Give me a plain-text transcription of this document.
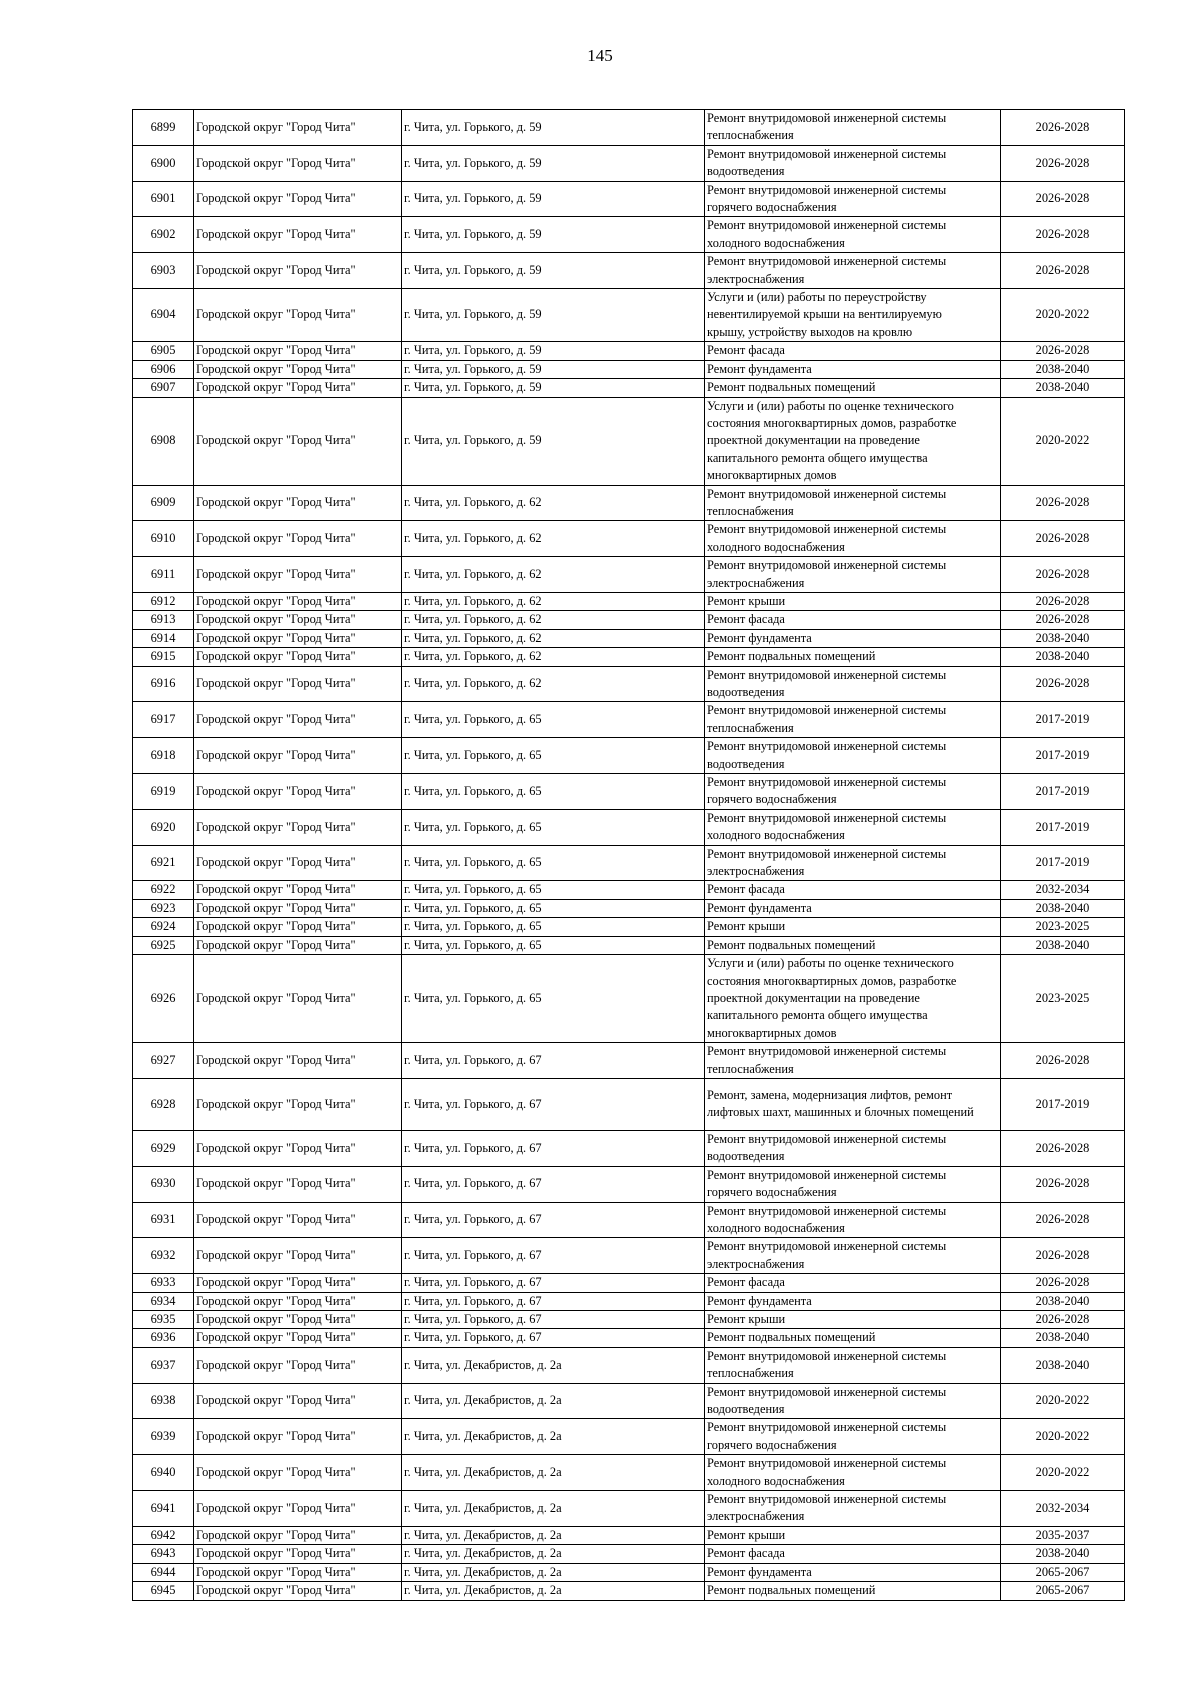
145
6899	Городской округ "Город Чита"	г. Чита, ул. Горького, д. 59	Ремонт внутридомовой инженерной системы
теплоснабжения	2026-2028
6900	Городской округ "Город Чита"	г. Чита, ул. Горького, д. 59	Ремонт внутридомовой инженерной системы
водоотведения	2026-2028
6901	Городской округ "Город Чита"	г. Чита, ул. Горького, д. 59	Ремонт внутридомовой инженерной системы
горячего водоснабжения	2026-2028
6902	Городской округ "Город Чита"	г. Чита, ул. Горького, д. 59	Ремонт внутридомовой инженерной системы
холодного водоснабжения	2026-2028
6903	Городской округ "Город Чита"	г. Чита, ул. Горького, д. 59	Ремонт внутридомовой инженерной системы
электроснабжения	2026-2028
6904	Городской округ "Город Чита"	г. Чита, ул. Горького, д. 59	Услуги и (или) работы по переустройству
невентилируемой крыши на вентилируемую
крышу, устройству выходов на кровлю	2020-2022
6905	Городской округ "Город Чита"	г. Чита, ул. Горького, д. 59	Ремонт фасада	2026-2028
6906	Городской округ "Город Чита"	г. Чита, ул. Горького, д. 59	Ремонт фундамента	2038-2040
6907	Городской округ "Город Чита"	г. Чита, ул. Горького, д. 59	Ремонт подвальных помещений	2038-2040
6908	Городской округ "Город Чита"	г. Чита, ул. Горького, д. 59	Услуги и (или) работы по оценке технического
состояния многоквартирных домов, разработке
проектной документации на проведение
капитального ремонта общего имущества
многоквартирных домов	2020-2022
6909	Городской округ "Город Чита"	г. Чита, ул. Горького, д. 62	Ремонт внутридомовой инженерной системы
теплоснабжения	2026-2028
6910	Городской округ "Город Чита"	г. Чита, ул. Горького, д. 62	Ремонт внутридомовой инженерной системы
холодного водоснабжения	2026-2028
6911	Городской округ "Город Чита"	г. Чита, ул. Горького, д. 62	Ремонт внутридомовой инженерной системы
электроснабжения	2026-2028
6912	Городской округ "Город Чита"	г. Чита, ул. Горького, д. 62	Ремонт крыши	2026-2028
6913	Городской округ "Город Чита"	г. Чита, ул. Горького, д. 62	Ремонт фасада	2026-2028
6914	Городской округ "Город Чита"	г. Чита, ул. Горького, д. 62	Ремонт фундамента	2038-2040
6915	Городской округ "Город Чита"	г. Чита, ул. Горького, д. 62	Ремонт подвальных помещений	2038-2040
6916	Городской округ "Город Чита"	г. Чита, ул. Горького, д. 62	Ремонт внутридомовой инженерной системы
водоотведения	2026-2028
6917	Городской округ "Город Чита"	г. Чита, ул. Горького, д. 65	Ремонт внутридомовой инженерной системы
теплоснабжения	2017-2019
6918	Городской округ "Город Чита"	г. Чита, ул. Горького, д. 65	Ремонт внутридомовой инженерной системы
водоотведения	2017-2019
6919	Городской округ "Город Чита"	г. Чита, ул. Горького, д. 65	Ремонт внутридомовой инженерной системы
горячего водоснабжения	2017-2019
6920	Городской округ "Город Чита"	г. Чита, ул. Горького, д. 65	Ремонт внутридомовой инженерной системы
холодного водоснабжения	2017-2019
6921	Городской округ "Город Чита"	г. Чита, ул. Горького, д. 65	Ремонт внутридомовой инженерной системы
электроснабжения	2017-2019
6922	Городской округ "Город Чита"	г. Чита, ул. Горького, д. 65	Ремонт фасада	2032-2034
6923	Городской округ "Город Чита"	г. Чита, ул. Горького, д. 65	Ремонт фундамента	2038-2040
6924	Городской округ "Город Чита"	г. Чита, ул. Горького, д. 65	Ремонт крыши	2023-2025
6925	Городской округ "Город Чита"	г. Чита, ул. Горького, д. 65	Ремонт подвальных помещений	2038-2040
6926	Городской округ "Город Чита"	г. Чита, ул. Горького, д. 65	Услуги и (или) работы по оценке технического
состояния многоквартирных домов, разработке
проектной документации на проведение
капитального ремонта общего имущества
многоквартирных домов	2023-2025
6927	Городской округ "Город Чита"	г. Чита, ул. Горького, д. 67	Ремонт внутридомовой инженерной системы
теплоснабжения	2026-2028
6928	Городской округ "Город Чита"	г. Чита, ул. Горького, д. 67	Ремонт, замена, модернизация лифтов, ремонт
лифтовых шахт, машинных и блочных помещений	2017-2019
6929	Городской округ "Город Чита"	г. Чита, ул. Горького, д. 67	Ремонт внутридомовой инженерной системы
водоотведения	2026-2028
6930	Городской округ "Город Чита"	г. Чита, ул. Горького, д. 67	Ремонт внутридомовой инженерной системы
горячего водоснабжения	2026-2028
6931	Городской округ "Город Чита"	г. Чита, ул. Горького, д. 67	Ремонт внутридомовой инженерной системы
холодного водоснабжения	2026-2028
6932	Городской округ "Город Чита"	г. Чита, ул. Горького, д. 67	Ремонт внутридомовой инженерной системы
электроснабжения	2026-2028
6933	Городской округ "Город Чита"	г. Чита, ул. Горького, д. 67	Ремонт фасада	2026-2028
6934	Городской округ "Город Чита"	г. Чита, ул. Горького, д. 67	Ремонт фундамента	2038-2040
6935	Городской округ "Город Чита"	г. Чита, ул. Горького, д. 67	Ремонт крыши	2026-2028
6936	Городской округ "Город Чита"	г. Чита, ул. Горького, д. 67	Ремонт подвальных помещений	2038-2040
6937	Городской округ "Город Чита"	г. Чита, ул. Декабристов, д. 2а	Ремонт внутридомовой инженерной системы
теплоснабжения	2038-2040
6938	Городской округ "Город Чита"	г. Чита, ул. Декабристов, д. 2а	Ремонт внутридомовой инженерной системы
водоотведения	2020-2022
6939	Городской округ "Город Чита"	г. Чита, ул. Декабристов, д. 2а	Ремонт внутридомовой инженерной системы
горячего водоснабжения	2020-2022
6940	Городской округ "Город Чита"	г. Чита, ул. Декабристов, д. 2а	Ремонт внутридомовой инженерной системы
холодного водоснабжения	2020-2022
6941	Городской округ "Город Чита"	г. Чита, ул. Декабристов, д. 2а	Ремонт внутридомовой инженерной системы
электроснабжения	2032-2034
6942	Городской округ "Город Чита"	г. Чита, ул. Декабристов, д. 2а	Ремонт крыши	2035-2037
6943	Городской округ "Город Чита"	г. Чита, ул. Декабристов, д. 2а	Ремонт фасада	2038-2040
6944	Городской округ "Город Чита"	г. Чита, ул. Декабристов, д. 2а	Ремонт фундамента	2065-2067
6945	Городской округ "Город Чита"	г. Чита, ул. Декабристов, д. 2а	Ремонт подвальных помещений	2065-2067
